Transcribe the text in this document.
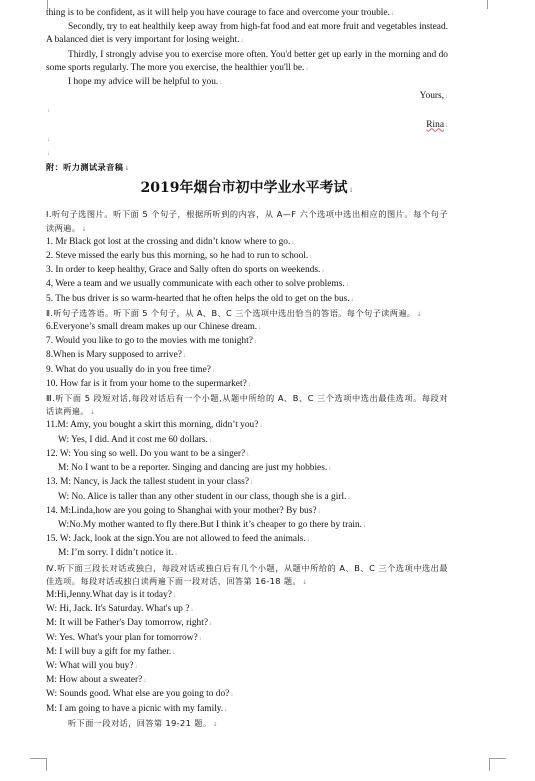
thing is to be confident, as it will help you have courage to face and overcome your trouble.↓

Secondly, try to eat healthily keep away from high-fat food and eat more fruit and vegetables instead. A balanced diet is very important for losing weight.↓

Thirdly, I strongly advise you to exercise more often. You'd better get up early in the morning and do some sports regularly. The more you exercise, the healthier you'll be.↓

I hope my advice will be helpful to you.↓

Yours,↓

↓

Rina↓

↓

↓

附：听力测试录音稿↓

2019年烟台市初中学业水平考试↓

I.听句子选图片。听下面 5 个句子，根据所听到的内容，从 A—F 六个选项中选出相应的图片。每个句子读两遍。↓

1. Mr Black got lost at the crossing and didn’t know where to go.↓

2. Steve missed the early bus this morning, so he had to run to school.↓

3. In order to keep healthy, Grace and Sally often do sports on weekends.↓

4, Were a team and we usually communicate with each other to solve problems.↓

5. The bus driver is so warm-hearted that he often helps the old to get on the bus.↓

Ⅱ.听句子选答语。听下面 5 个句子，从 A、B、C 三个选项中选出恰当的答语。每个句子读两遍。↓

6.Everyone’s small dream makes up our Chinese dream.↓

7. Would you like to go to the movies with me tonight?↓

8.When is Mary supposed to arrive?↓

9. What do you usually do in you free time?↓

10. How far is it from your home to the supermarket?↓

Ⅲ.听下面 5 段短对话,每段对话后有一个小题,从题中所给的 A、B、C 三个选项中选出最佳选项。每段对话读两遍。↓

11.M: Amy, you bought a skirt this morning, didn’t you?↓

W: Yes, I did. And it cost me 60 dollars.↓

12. W: You sing so well. Do you want to be a singer?↓

M: No I want to be a reporter. Singing and dancing are just my hobbies.↓

13. M: Nancy, is Jack the tallest student in your class?↓

W: No. Alice is taller than any other student in our class, though she is a girl.↓

14. M:Linda,how are you going to Shanghai with your mother? By bus?↓

W:No.My mother wanted to fly there.But I think it’s cheaper to go there by train.↓

15. W: Jack, look at the sign.You are not allowed to feed the animals.↓

M: I’m sorry. I didn’t notice it.↓

Ⅳ.听下面三段长对话或独白，每段对话或独白后有几个小题，从题中所给的 A、B、C 三个选项中选出最佳选项。每段对话或独白读两遍下面一段对话，回答第 16-18 题。↓

M:Hi,Jenny.What day is it today?↓

W: Hi, Jack. It's Saturday. What's up ?↓

M: It will be Father's Day tomorrow, right?↓

W: Yes. What's your plan for tomorrow?↓

M: I will buy a gift for my father.↓

W: What will you buy?↓

M: How about a sweater?↓

W: Sounds good. What else are you going to do?↓

M: I am going to have a picnic with my family.↓

听下面一段对话，回答第 19-21 题。↓
